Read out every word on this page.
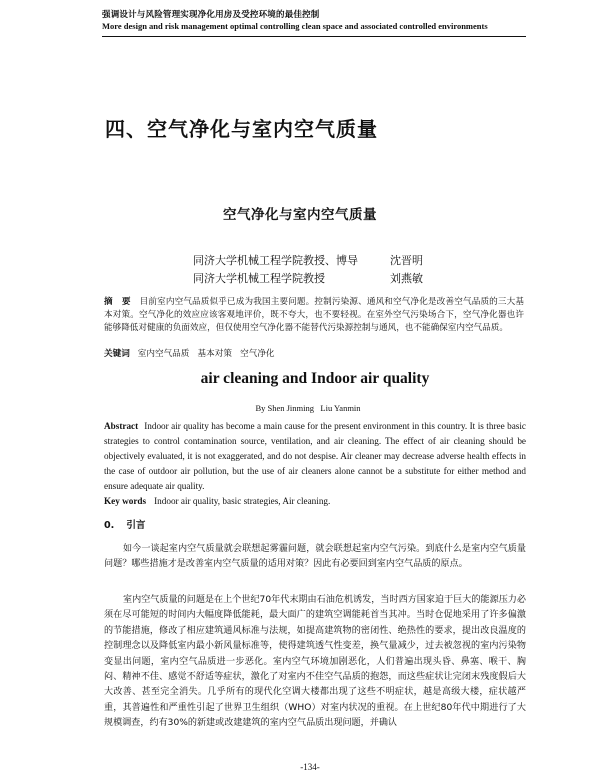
强调设计与风险管理实现净化用房及受控环境的最佳控制
More design and risk management optimal controlling clean space and associated controlled environments
四、空气净化与室内空气质量
空气净化与室内空气质量
同济大学机械工程学院教授、博导	沈晋明
同济大学机械工程学院教授	刘燕敏
摘 要 目前室内空气品质似乎已成为我国主要问题。控制污染源、通风和空气净化是改善空气品质的三大基本对策。空气净化的效应应该客观地评价，既不夸大，也不要轻视。在室外空气污染场合下，空气净化器也许能够降低对健康的负面效应，但仅使用空气净化器不能替代污染源控制与通风，也不能确保室内空气品质。
关键词 室内空气品质   基本对策   空气净化
air cleaning and Indoor air quality
By Shen Jinming   Liu Yanmin
Abstract Indoor air quality has become a main cause for the present environment in this country. It is three basic strategies to control contamination source, ventilation, and air cleaning. The effect of air cleaning should be objectively evaluated, it is not exaggerated, and do not despise. Air cleaner may decrease adverse health effects in the case of outdoor air pollution, but the use of air cleaners alone cannot be a substitute for either method and ensure adequate air quality.
Key words Indoor air quality, basic strategies, Air cleaning.
0. 引言
如今一谈起室内空气质量就会联想起雾霾问题，就会联想起室内空气污染。到底什么是室内空气质量问题？哪些措施才是改善室内空气质量的适用对策？因此有必要回到室内空气品质的原点。
室内空气质量的问题是在上个世纪70年代末期由石油危机诱发，当时西方国家迫于巨大的能源压力必须在尽可能短的时间内大幅度降低能耗，最大面广的建筑空调能耗首当其冲。当时仓促地采用了许多偏激的节能措施，修改了相应建筑通风标准与法规，如提高建筑物的密闭性、绝热性的要求，提出改良温度的控制理念以及降低室内最小新风量标准等，使得建筑透气性变差，换气量减少，过去被忽视的室内污染物变显出问题，室内空气品质进一步恶化。室内空气环境加剧恶化，人们普遍出现头昏、鼻塞、喉干、胸闷、精神不佳、感觉不舒适等症状，激化了对室内不佳空气品质的抱怨，而这些症状让完闭末残度假后大大改善、甚至完全消失。几乎所有的现代化空调大楼都出现了这些不明症状，越是高级大楼，症状越严重，其普遍性和严重性引起了世界卫生组织（WHO）对室内状况的重视。在上世纪80年代中期进行了大规模调查，约有30%的新建或改建建筑的室内空气品质出现问题，并确认
-134-
